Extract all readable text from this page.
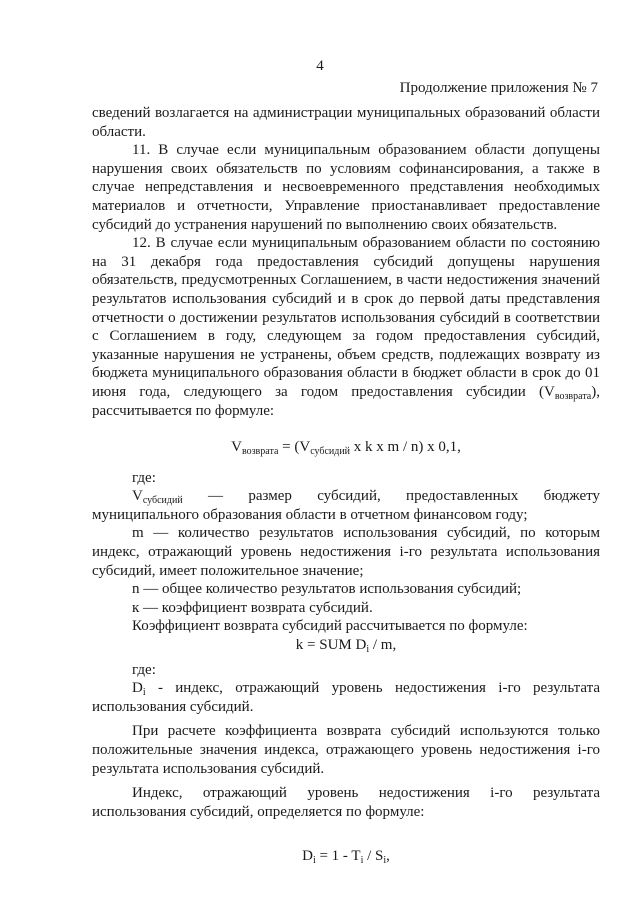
4
Продолжение приложения № 7

сведений возлагается на администрации муниципальных образований области области.

11. В случае если муниципальным образованием области допущены нарушения своих обязательств по условиям софинансирования, а также в случае непредставления и несвоевременного представления необходимых материалов и отчетности, Управление приостанавливает предоставление субсидий до устранения нарушений по выполнению своих обязательств.

12. В случае если муниципальным образованием области по состоянию на 31 декабря года предоставления субсидий допущены нарушения обязательств, предусмотренных Соглашением, в части недостижения значений результатов использования субсидий и в срок до первой даты представления отчетности о достижении результатов использования субсидий в соответствии с Соглашением в году, следующем за годом предоставления субсидий, указанные нарушения не устранены, объем средств, подлежащих возврату из бюджета муниципального образования области в бюджет области в срок до 01 июня года, следующего за годом предоставления субсидии $(V_{возврата})$, рассчитывается по формуле:

$V_{возврата} = (V_{субсидий}$ x k x m / n) x 0,1,

где:

$V_{субсидий}$ — размер субсидий, предоставленных бюджету

муниципального образования области в отчетном финансовом году;

m — количество результатов использования субсидий, по которым индекс, отражающий уровень недостижения i-го результата использования субсидий, имеет положительное значение;

n — общее количество результатов использования субсидий;

к — коэффициент возврата субсидий.

Коэффициент возврата субсидий рассчитывается по формуле:

k = SUM $D_i$ / m,

где:

$D_i$ - индекс, отражающий уровень недостижения i-го результата использования субсидий.

При расчете коэффициента возврата субсидий используются только положительные значения индекса, отражающего уровень недостижения i-го результата использования субсидий.

Индекс, отражающий уровень недостижения i-го результата использования субсидий, определяется по формуле:

$D_i = 1 - T_i / S_i$,
